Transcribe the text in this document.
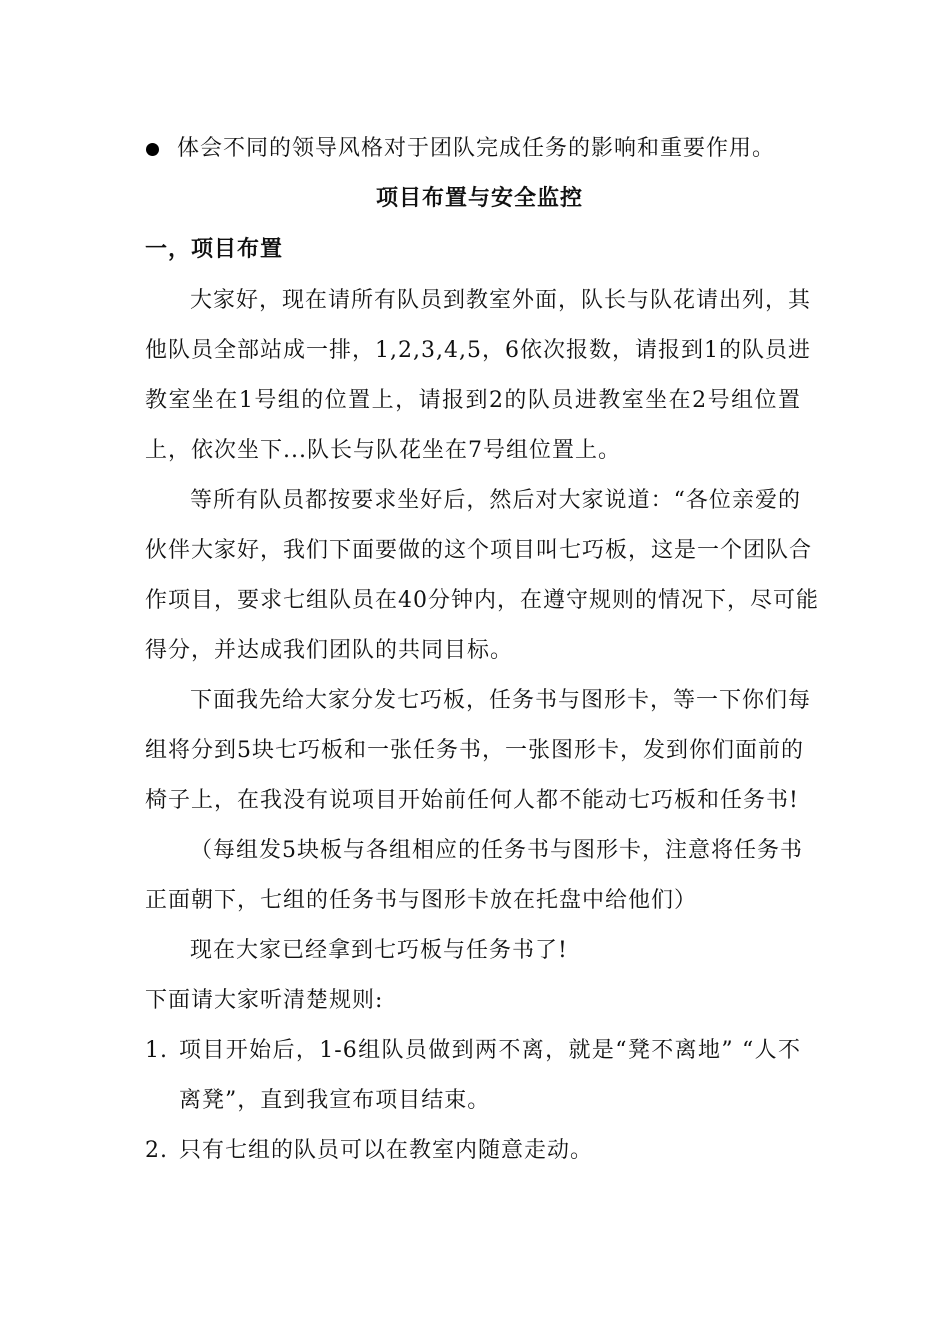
体会不同的领导风格对于团队完成任务的影响和重要作用。
项目布置与安全监控
一，项目布置
大家好，现在请所有队员到教室外面，队长与队花请出列，其
他队员全部站成一排，1,2,3,4,5，6依次报数，请报到1的队员进
教室坐在1号组的位置上，请报到2的队员进教室坐在2号组位置
上，依次坐下...队长与队花坐在7号组位置上。
等所有队员都按要求坐好后，然后对大家说道：“各位亲爱的
伙伴大家好，我们下面要做的这个项目叫七巧板，这是一个团队合
作项目，要求七组队员在40分钟内，在遵守规则的情况下，尽可能
得分，并达成我们团队的共同目标。
下面我先给大家分发七巧板，任务书与图形卡，等一下你们每
组将分到5块七巧板和一张任务书，一张图形卡，发到你们面前的
椅子上，在我没有说项目开始前任何人都不能动七巧板和任务书!
（每组发5块板与各组相应的任务书与图形卡，注意将任务书
正面朝下，七组的任务书与图形卡放在托盘中给他们）
现在大家已经拿到七巧板与任务书了!
下面请大家听清楚规则:
1. 项目开始后，1-6组队员做到两不离，就是“凳不离地” “人不
离凳”，直到我宣布项目结束。
2. 只有七组的队员可以在教室内随意走动。
